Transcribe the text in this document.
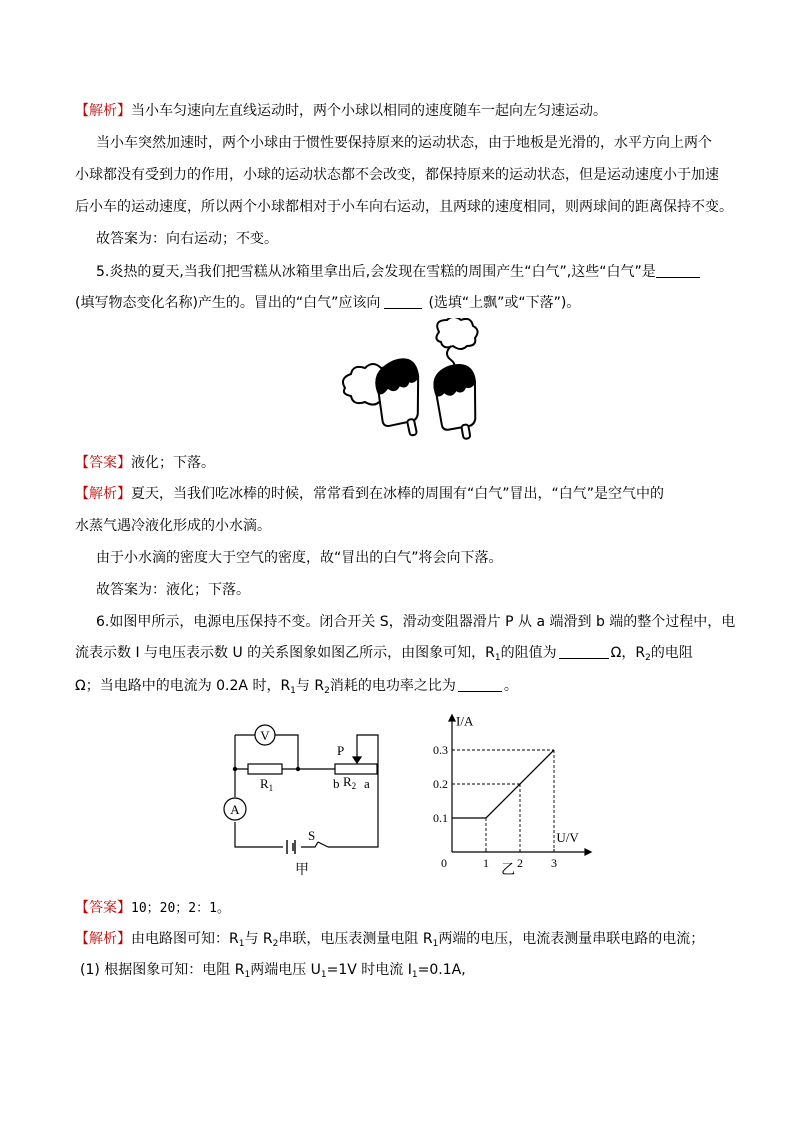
【解析】当小车匀速向左直线运动时，两个小球以相同的速度随车一起向左匀速运动。
当小车突然加速时，两个小球由于惯性要保持原来的运动状态，由于地板是光滑的，水平方向上两个
小球都没有受到力的作用，小球的运动状态都不会改变，都保持原来的运动状态，但是运动速度小于加速
后小车的运动速度，所以两个小球都相对于小车向右运动，且两球的速度相同，则两球间的距离保持不变。
故答案为：向右运动；不变。
5.炎热的夏天,当我们把雪糕从冰箱里拿出后,会发现在雪糕的周围产生“白气”,这些“白气”是
(填写物态变化名称)产生的。冒出的“白气”应该向	(选填“上飘”或“下落”)。
【答案】液化；下落。
【解析】夏天，当我们吃冰棒的时候，常常看到在冰棒的周围有“白气”冒出，“白气”是空气中的
水蒸气遇冷液化形成的小水滴。
由于小水滴的密度大于空气的密度，故“冒出的白气”将会向下落。
故答案为：液化；下落。
6.如图甲所示，电源电压保持不变。闭合开关 S，滑动变阻器滑片 P 从 a 端滑到 b 端的整个过程中，电
流表示数 I 与电压表示数 U 的关系图象如图乙所示，由图象可知，$R_1$的阻值为	Ω，$R_2$的电阻
Ω；当电路中的电流为 0.2A 时，$R_1$与 $R_2$消耗的电功率之比为	。
V
A
$R_1$
P
b $R_2$ a
S
甲
I/A
U/V
0	1 2 3
0.1
0.2
0.3
乙
【答案】10；20；2：1。
【解析】由电路图可知：$R_1$与 $R_2$串联，电压表测量电阻 $R_1$两端的电压，电流表测量串联电路的电流；
(1) 根据图象可知：电阻 $R_1$两端电压 $U_1=1V$ 时电流 $I_1=0.1A$,
